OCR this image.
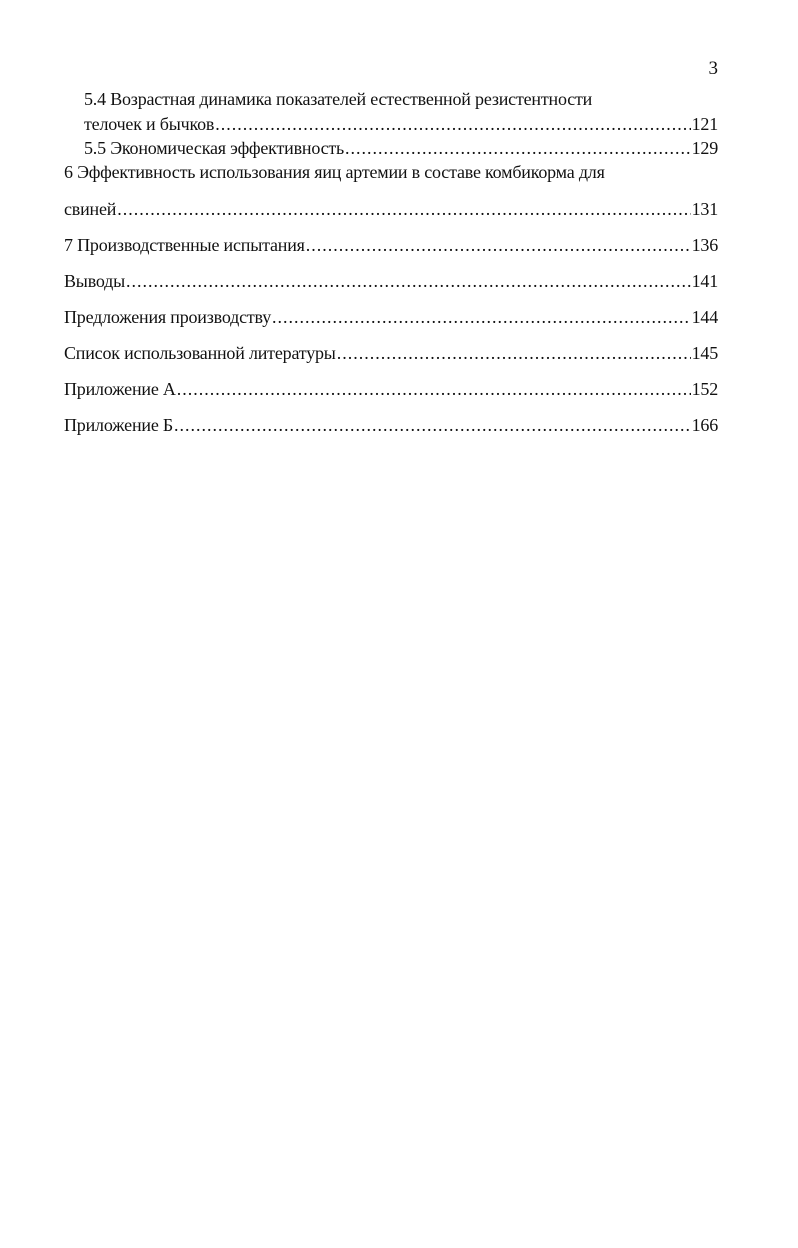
3
5.4 Возрастная динамика показателей естественной резистентности
телочек и бычков .....	121
5.5 Экономическая эффективность .....	129
6 Эффективность использования яиц артемии в составе комбикорма для
свиней .....	131
7 Производственные испытания .....	136
Выводы .....	141
Предложения производству .....	144
Список использованной литературы .....	145
Приложение А .....	152
Приложение Б .....	166
